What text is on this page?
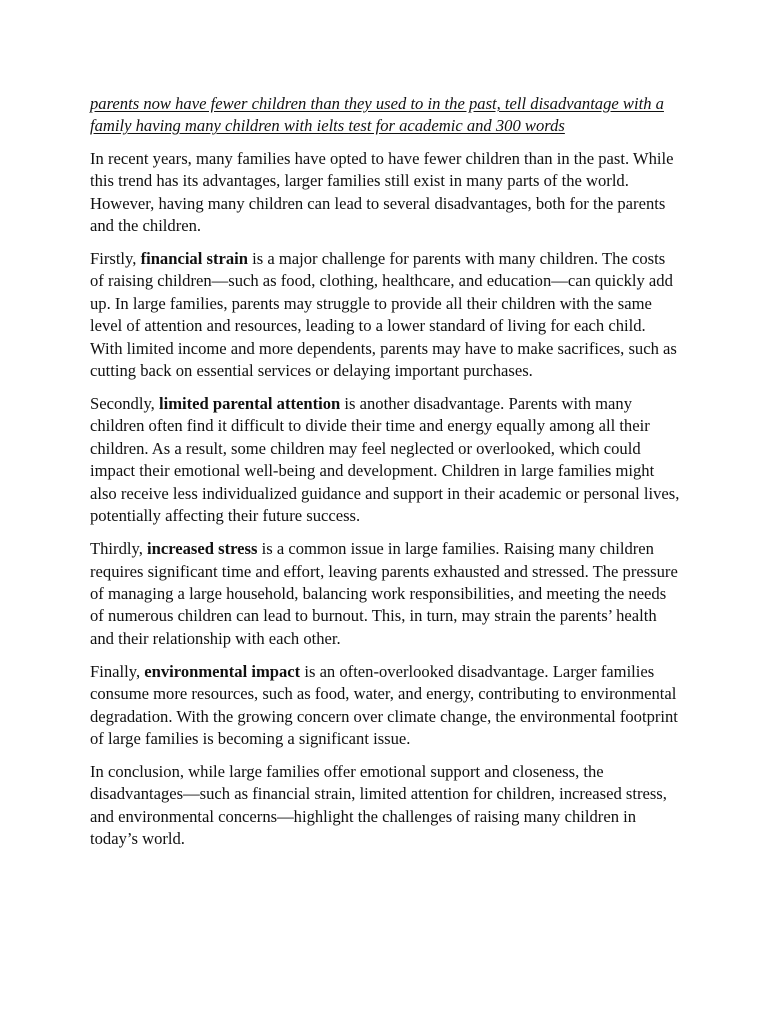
parents now have fewer children than they used to in the past, tell disadvantage with a family having many children with ielts test for academic and 300 words

In recent years, many families have opted to have fewer children than in the past. While this trend has its advantages, larger families still exist in many parts of the world. However, having many children can lead to several disadvantages, both for the parents and the children.

Firstly, financial strain is a major challenge for parents with many children. The costs of raising children—such as food, clothing, healthcare, and education—can quickly add up. In large families, parents may struggle to provide all their children with the same level of attention and resources, leading to a lower standard of living for each child. With limited income and more dependents, parents may have to make sacrifices, such as cutting back on essential services or delaying important purchases.

Secondly, limited parental attention is another disadvantage. Parents with many children often find it difficult to divide their time and energy equally among all their children. As a result, some children may feel neglected or overlooked, which could impact their emotional well-being and development. Children in large families might also receive less individualized guidance and support in their academic or personal lives, potentially affecting their future success.

Thirdly, increased stress is a common issue in large families. Raising many children requires significant time and effort, leaving parents exhausted and stressed. The pressure of managing a large household, balancing work responsibilities, and meeting the needs of numerous children can lead to burnout. This, in turn, may strain the parents’ health and their relationship with each other.

Finally, environmental impact is an often-overlooked disadvantage. Larger families consume more resources, such as food, water, and energy, contributing to environmental degradation. With the growing concern over climate change, the environmental footprint of large families is becoming a significant issue.

In conclusion, while large families offer emotional support and closeness, the disadvantages—such as financial strain, limited attention for children, increased stress, and environmental concerns—highlight the challenges of raising many children in today’s world.
